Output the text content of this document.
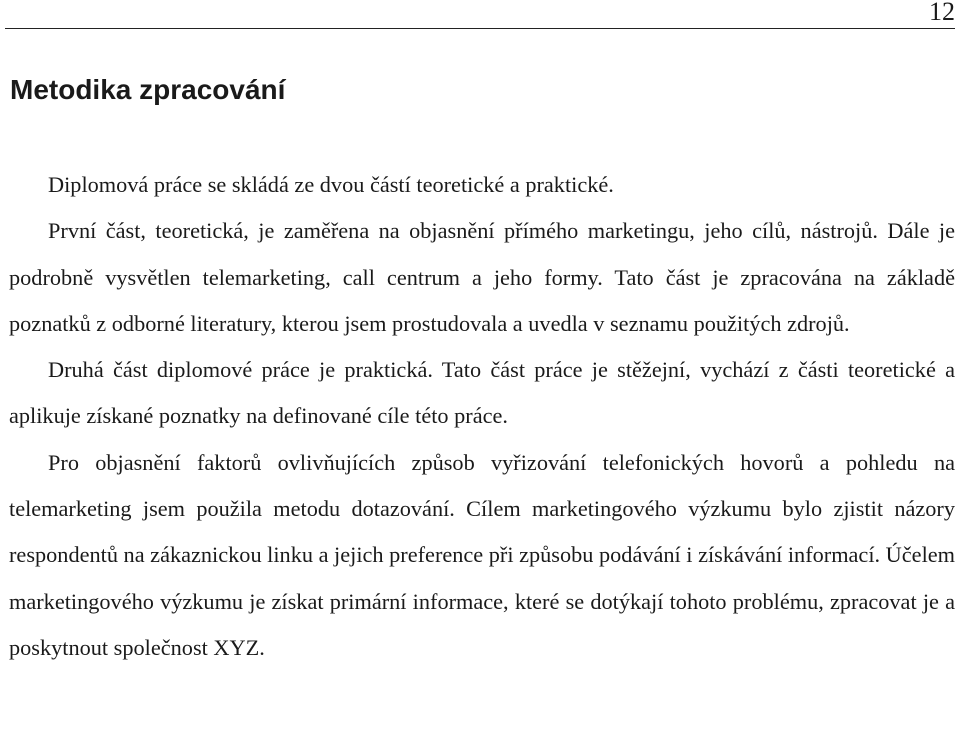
12
Metodika zpracování

Diplomová práce se skládá ze dvou částí teoretické a praktické.

První část, teoretická, je zaměřena na objasnění přímého marketingu, jeho cílů, nástrojů. Dále je podrobně vysvětlen telemarketing, call centrum a jeho formy. Tato část je zpracována na základě poznatků z odborné literatury, kterou jsem prostudovala a uvedla v seznamu použitých zdrojů.

Druhá část diplomové práce je praktická. Tato část práce je stěžejní, vychází z části teoretické a aplikuje získané poznatky na definované cíle této práce.

Pro objasnění faktorů ovlivňujících způsob vyřizování telefonických hovorů a pohledu na telemarketing jsem použila metodu dotazování. Cílem marketingového výzkumu bylo zjistit názory respondentů na zákaznickou linku a jejich preference při způsobu podávání i získávání informací. Účelem marketingového výzkumu je získat primární informace, které se dotýkají tohoto problému, zpracovat je a poskytnout společnost XYZ.
